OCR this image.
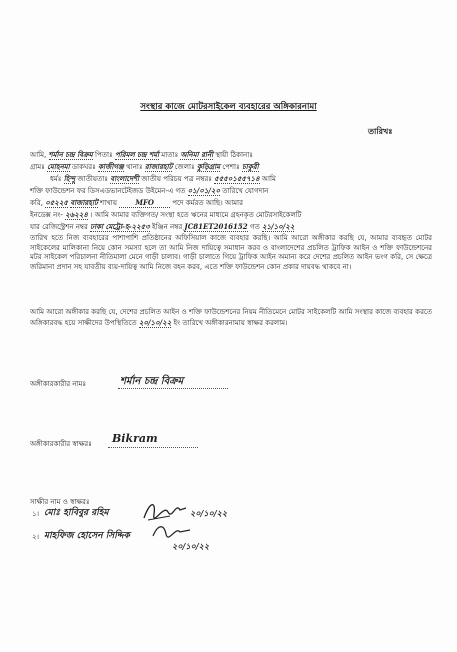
সংস্থার কাজে মোটরসাইকেল ব্যবহারের অঙ্গিকারনামা
তারিখঃ
আমি, শর্মান চন্দ্র বিক্রম পিতাঃ পরিমল চন্দ্র শর্মা মাতাঃ অনিমা রানী স্থায়ী ঠিকানাঃ
গ্রামঃ মোহনমা ডাকঘরঃ কাজীগঞ্জ থানাঃ রাজারহাট জেলাঃ কুড়িগ্রাম পেশাঃ চাকুরী
ধর্মঃ হিন্দু জাতীয়তাঃ বাংলাদেশী জাতীয় পরিচয় পত্র নম্বরঃ ৫৫৫০১৫৫৭১৪ আমি
শক্তি ফাউন্ডেশন ফর ডিসএডভানটেইজড উইমেন-এ গত ০১/০১/২০ তারিখে যোগদান
করি, ০৫২২৫ বাজারহাট শাখায়	MFO	পদে কর্মরত আছি। আমার
ইনডেক্স নং- ২৬২২৪ । আমি আমার ব্যক্তিগত/ সংস্থা হতে ঋনের মাধ্যমে গ্রহনকৃত মোটরসাইকেলটি
যার রেজিস্ট্রেশন নম্বর ঢাকা মেট্রো-হ-২২৫৩ ইঞ্জিন নম্বর JC81ET2016152 গত ২১/১০/২২
তারিখ হতে নিজ ব্যবহারের পাশাপাশি প্রতিষ্ঠানের অফিসিয়াল কাজে ব্যবহার করছি। আমি আরো অঙ্গীকার করছি যে, আমার ব্যবহৃত মোটর সাইকেলের মালিকানা নিয়ে কোন সমস্যা হলে তা আমি নিজ দায়িত্বে সমাধান করব ও বাংলাদেশের প্রচলিত ট্রাফিক আইন ও শক্তি ফাউন্ডেশনের মটর সাইকেল পরিচালনা নীতিমালা মেনে গাড়ী চালাব। গাড়ী চালাতে গিয়ে ট্রাফিক আইন অমান্য করে দেশের প্রচলিত আইন ভংগ করি, সে ক্ষেত্রে জরিমানা প্রদান সহ যাবতীয় ব্যয়-দায়িত্ব আমি নিজে বহন করব, এতে শক্তি ফাউন্ডেশন কোন প্রকার দায়বদ্ধ থাকবে না।
আমি আরো অঙ্গীকার করছি যে, দেশের প্রচলিত আইন ও শক্তি ফাউন্ডেশনের নিয়ম নীতিমেনে মোটর সাইকেলটি আমি সংস্থার কাজে ব্যবহার করতে অঙ্গিকারবদ্ধ হয়ে সাক্ষীদের উপস্থিতিতে ২০/১০/২২ ইং তারিখে অঙ্গীকারনামায় স্বাক্ষর করলাম।
অঙ্গীকারকারীর নামঃ	শর্মান চন্দ্র বিক্রম
অঙ্গীকারকারীর স্বাক্ষরঃ Bikram
সাক্ষীর নাম ও স্বাক্ষরঃ
১। মোঃ হাবিবুর রহিম	২০/১০/২২
২। মাহফিজ হোসেন সিদ্দিক
২০/১০/২২
